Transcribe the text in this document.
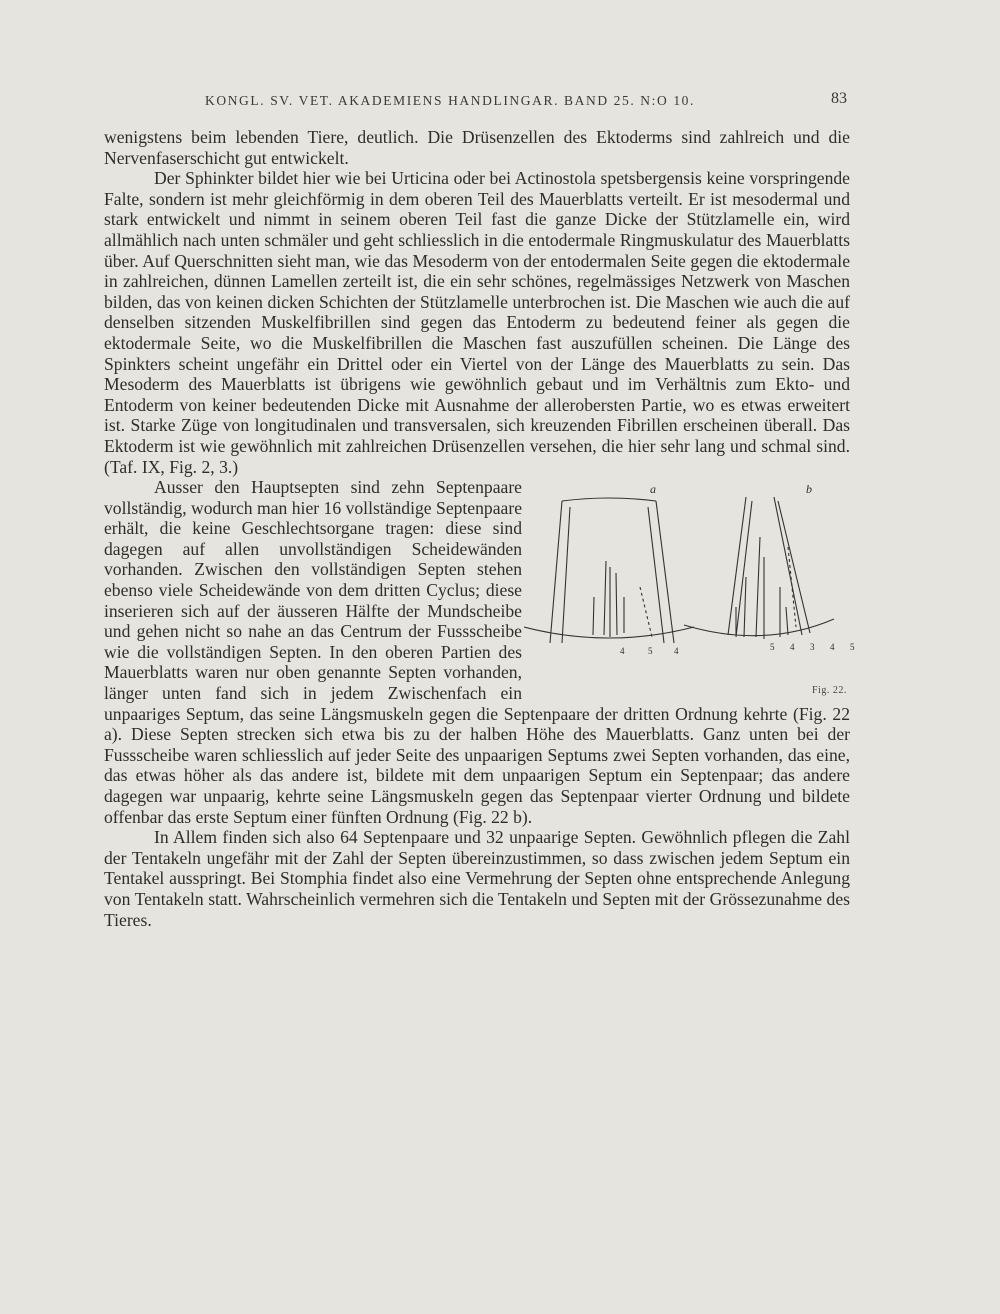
KONGL. SV. VET. AKADEMIENS HANDLINGAR. BAND 25. N:O 10.	83

wenigstens beim lebenden Tiere, deutlich. Die Drüsenzellen des Ektoderms sind zahlreich und die Nervenfaserschicht gut entwickelt.

Der Sphinkter bildet hier wie bei Urticina oder bei Actinostola spetsbergensis keine vorspringende Falte, sondern ist mehr gleichförmig in dem oberen Teil des Mauerblatts verteilt. Er ist mesodermal und stark entwickelt und nimmt in seinem oberen Teil fast die ganze Dicke der Stützlamelle ein, wird allmählich nach unten schmäler und geht schliesslich in die entodermale Ringmuskulatur des Mauerblatts über. Auf Querschnitten sieht man, wie das Mesoderm von der entodermalen Seite gegen die ektodermale in zahlreichen, dünnen Lamellen zerteilt ist, die ein sehr schönes, regelmässiges Netzwerk von Maschen bilden, das von keinen dicken Schichten der Stützlamelle unterbrochen ist. Die Maschen wie auch die auf denselben sitzenden Muskelfibrillen sind gegen das Entoderm zu bedeutend feiner als gegen die ektodermale Seite, wo die Muskelfibrillen die Maschen fast auszufüllen scheinen. Die Länge des Spinkters scheint ungefähr ein Drittel oder ein Viertel von der Länge des Mauerblatts zu sein. Das Mesoderm des Mauerblatts ist übrigens wie gewöhnlich gebaut und im Verhältnis zum Ekto- und Entoderm von keiner bedeutenden Dicke mit Ausnahme der allerobersten Partie, wo es etwas erweitert ist. Starke Züge von longitudinalen und transversalen, sich kreuzenden Fibrillen erscheinen überall. Das Ektoderm ist wie gewöhnlich mit zahlreichen Drüsenzellen versehen, die hier sehr lang und schmal sind. (Taf. IX, Fig. 2, 3.)

a	b
4	5	4	5	4	3	4	5
Fig. 22.
Ausser den Hauptsepten sind zehn Septenpaare vollständig, wodurch man hier 16 vollständige Septenpaare erhält, die keine Geschlechtsorgane tragen: diese sind dagegen auf allen unvollständigen Scheidewänden vorhanden. Zwischen den vollständigen Septen stehen ebenso viele Scheidewände von dem dritten Cyclus; diese inserieren sich auf der äusseren Hälfte der Mundscheibe und gehen nicht so nahe an das Centrum der Fussscheibe wie die vollständigen Septen. In den oberen Partien des Mauerblatts waren nur oben genannte Septen vorhanden, länger unten fand sich in jedem Zwischenfach ein unpaariges Septum, das seine Längsmuskeln gegen die Septenpaare der dritten Ordnung kehrte (Fig. 22 a). Diese Septen strecken sich etwa bis zu der halben Höhe des Mauerblatts. Ganz unten bei der Fussscheibe waren schliesslich auf jeder Seite des unpaarigen Septums zwei Septen vorhanden, das eine, das etwas höher als das andere ist, bildete mit dem unpaarigen Septum ein Septenpaar; das andere dagegen war unpaarig, kehrte seine Längsmuskeln gegen das Septenpaar vierter Ordnung und bildete offenbar das erste Septum einer fünften Ordnung (Fig. 22 b).

In Allem finden sich also 64 Septenpaare und 32 unpaarige Septen. Gewöhnlich pflegen die Zahl der Tentakeln ungefähr mit der Zahl der Septen übereinzustimmen, so dass zwischen jedem Septum ein Tentakel ausspringt. Bei Stomphia findet also eine Vermehrung der Septen ohne entsprechende Anlegung von Tentakeln statt. Wahrscheinlich vermehren sich die Tentakeln und Septen mit der Grössezunahme des Tieres.
